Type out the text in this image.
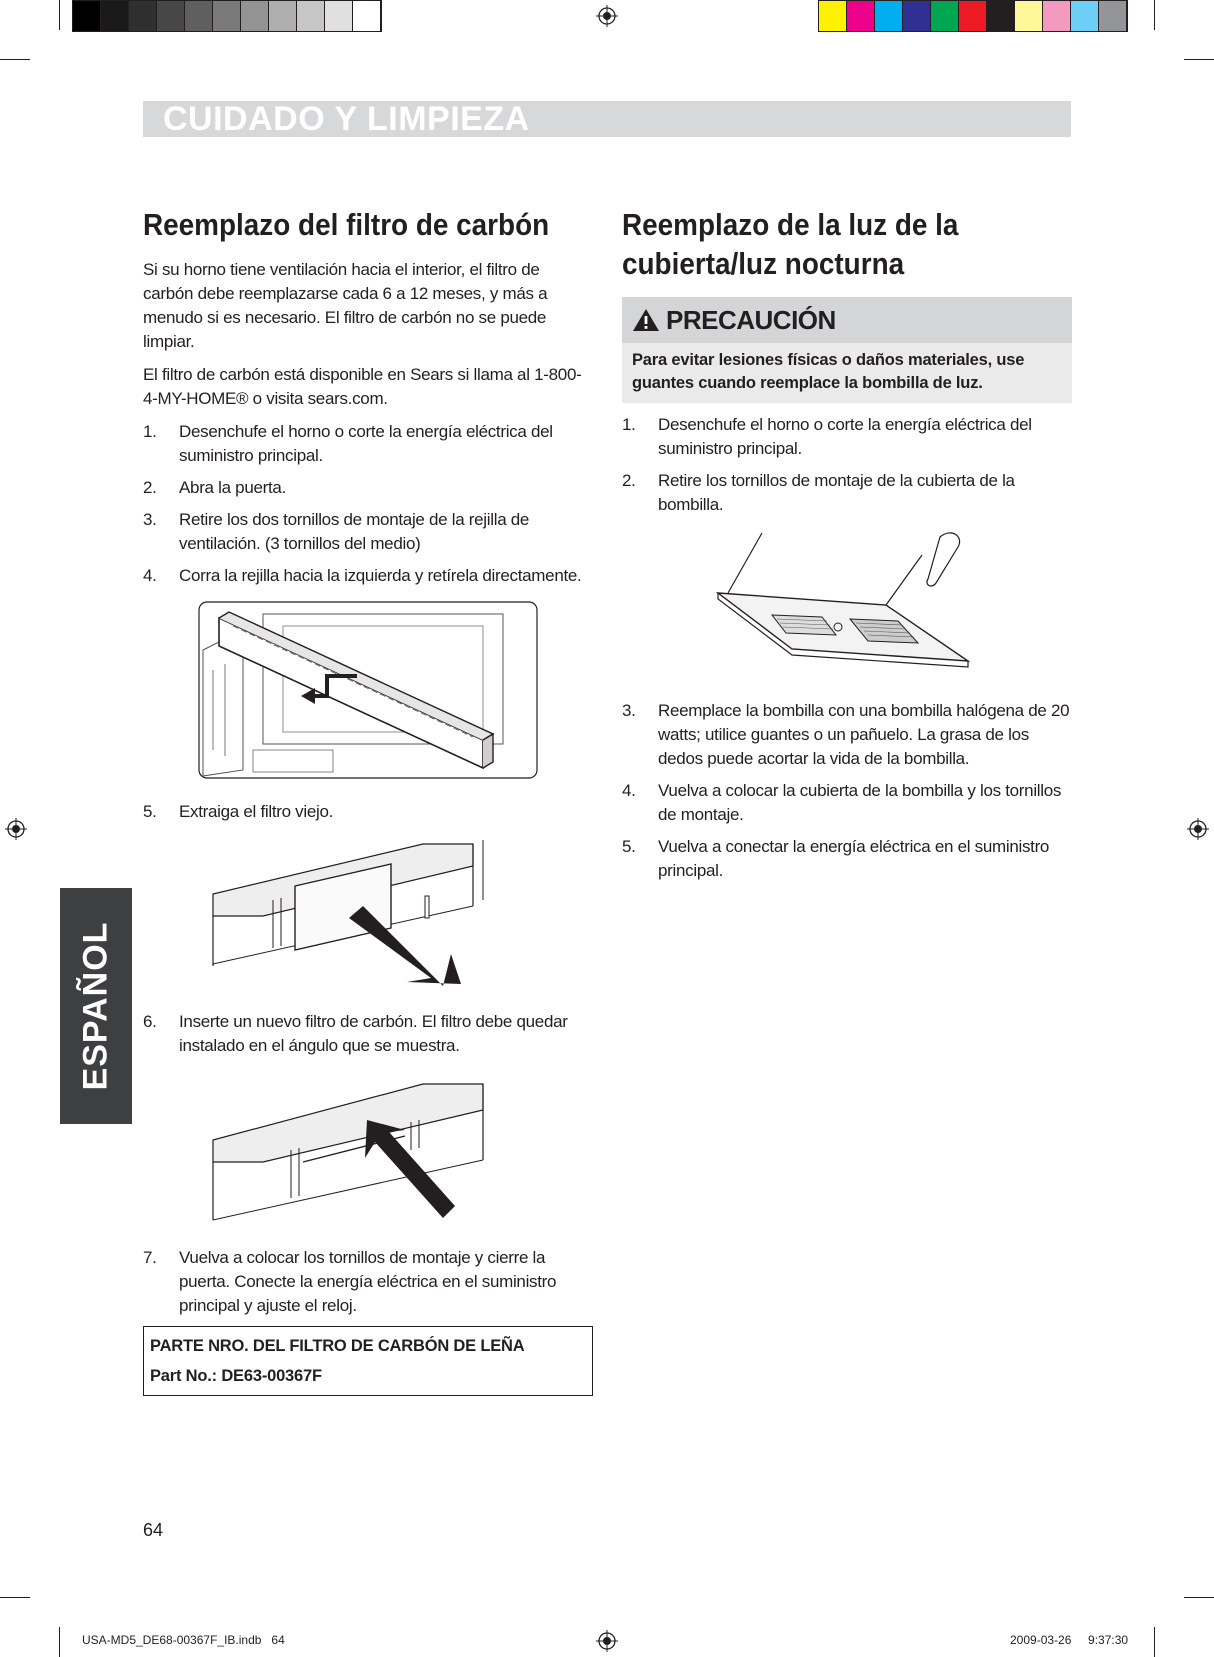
CUIDADO Y LIMPIEZA
ESPAÑOL
Reemplazo del filtro de carbón

Si su horno tiene ventilación hacia el interior, el filtro de carbón debe reemplazarse cada 6 a 12 meses, y más a menudo si es necesario. El filtro de carbón no se puede limpiar.

El filtro de carbón está disponible en Sears si llama al 1-800-4-MY-HOME® o visita sears.com.

1. Desenchufe el horno o corte la energía eléctrica del suministro principal.
2. Abra la puerta.
3. Retire los dos tornillos de montaje de la rejilla de ventilación. (3 tornillos del medio)
4. Corra la rejilla hacia la izquierda y retírela directamente.
5. Extraiga el filtro viejo.
6. Inserte un nuevo filtro de carbón. El filtro debe quedar instalado en el ángulo que se muestra.
7. Vuelva a colocar los tornillos de montaje y cierre la puerta. Conecte la energía eléctrica en el suministro principal y ajuste el reloj.
PARTE NRO. DEL FILTRO DE CARBÓN DE LEÑA
Part No.: DE63-00367F
Reemplazo de la luz de la cubierta/luz nocturna
PRECAUCIÓN
Para evitar lesiones físicas o daños materiales, use guantes cuando reemplace la bombilla de luz.
1. Desenchufe el horno o corte la energía eléctrica del suministro principal.
2. Retire los tornillos de montaje de la cubierta de la bombilla.
3. Reemplace la bombilla con una bombilla halógena de 20 watts; utilice guantes o un pañuelo. La grasa de los dedos puede acortar la vida de la bombilla.
4. Vuelva a colocar la cubierta de la bombilla y los tornillos de montaje.
5. Vuelva a conectar la energía eléctrica en el suministro principal.
64
USA-MD5_DE68-00367F_IB.indb   64	2009-03-26     9:37:30
